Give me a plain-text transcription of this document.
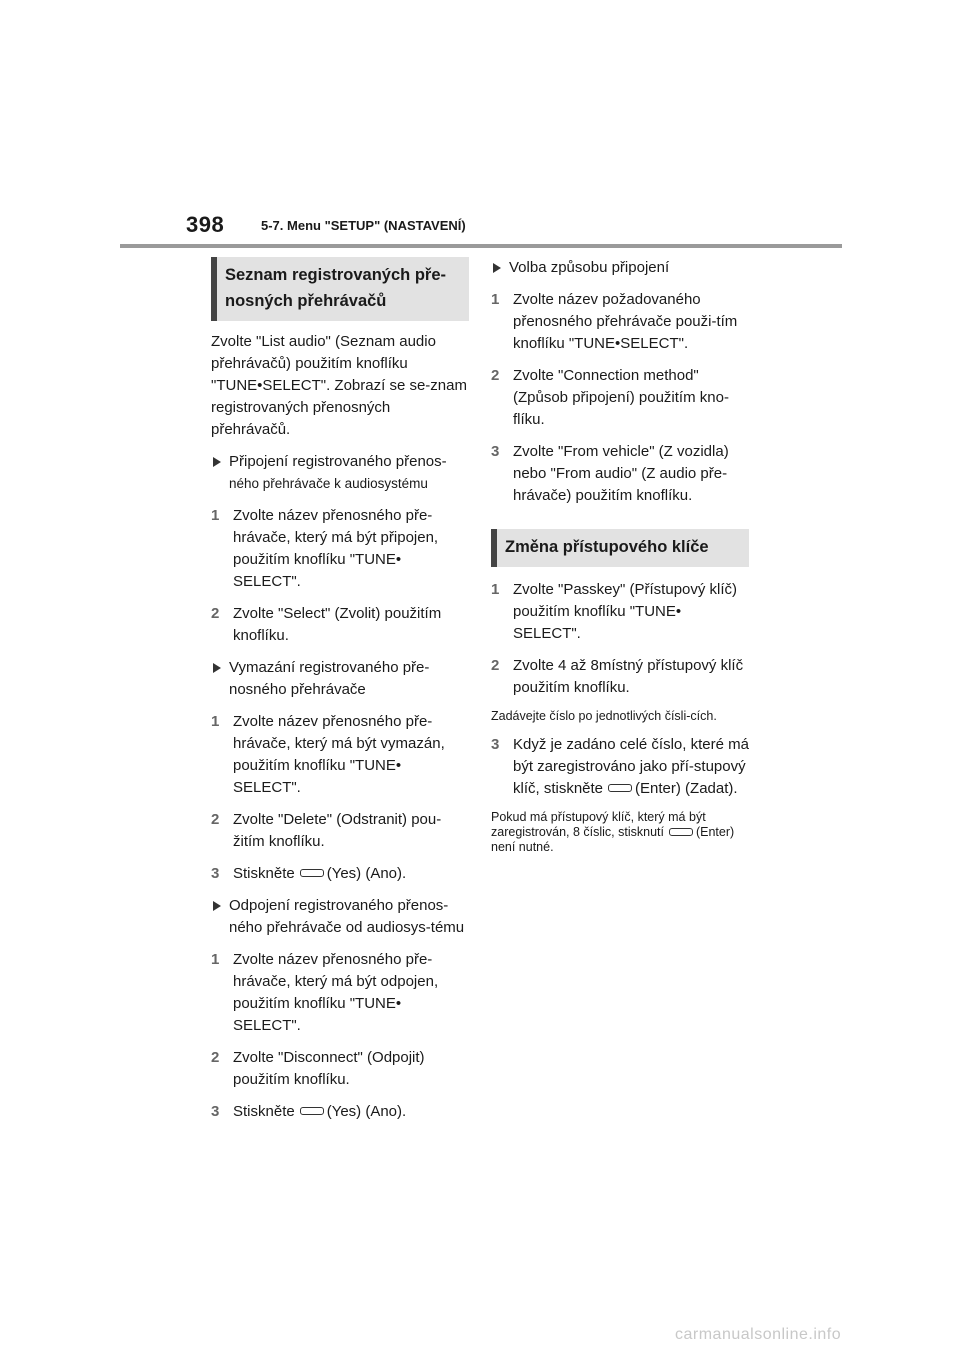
398	5-7. Menu "SETUP" (NASTAVENÍ)
Seznam registrovaných pře-nosných přehrávačů

Zvolte "List audio" (Seznam audio přehrávačů) použitím knoflíku "TUNE•SELECT". Zobrazí se se-znam registrovaných přenosných přehrávačů.

Připojení registrovaného přenos-
ného přehrávače k audiosystému
1 Zvolte název přenosného pře-hrávače, který má být připojen, použitím knoflíku "TUNE• SELECT".
2 Zvolte "Select" (Zvolit) použitím knoflíku.
Vymazání registrovaného pře-nosného přehrávače
1 Zvolte název přenosného pře-hrávače, který má být vymazán, použitím knoflíku "TUNE• SELECT".
2 Zvolte "Delete" (Odstranit) pou-žitím knoflíku.
3 Stiskněte (Yes) (Ano).
Odpojení registrovaného přenos-ného přehrávače od audiosys-tému
1 Zvolte název přenosného pře-hrávače, který má být odpojen, použitím knoflíku "TUNE• SELECT".
2 Zvolte "Disconnect" (Odpojit) použitím knoflíku.
3 Stiskněte (Yes) (Ano).
Volba způsobu připojení
1 Zvolte název požadovaného přenosného přehrávače použi-tím knoflíku "TUNE•SELECT".
2 Zvolte "Connection method" (Způsob připojení) použitím kno-flíku.
3 Zvolte "From vehicle" (Z vozidla) nebo "From audio" (Z audio pře-hrávače) použitím knoflíku.
Změna přístupového klíče
1 Zvolte "Passkey" (Přístupový klíč) použitím knoflíku "TUNE• SELECT".
2 Zvolte 4 až 8místný přístupový klíč použitím knoflíku.

Zadávejte číslo po jednotlivých čísli-cích.

3 Když je zadáno celé číslo, které má být zaregistrováno jako pří-stupový klíč, stiskněte (Enter) (Zadat).

Pokud má přístupový klíč, který má být zaregistrován, 8 číslic, stisknutí	(Enter) není nutné.

carmanualsonline.info
